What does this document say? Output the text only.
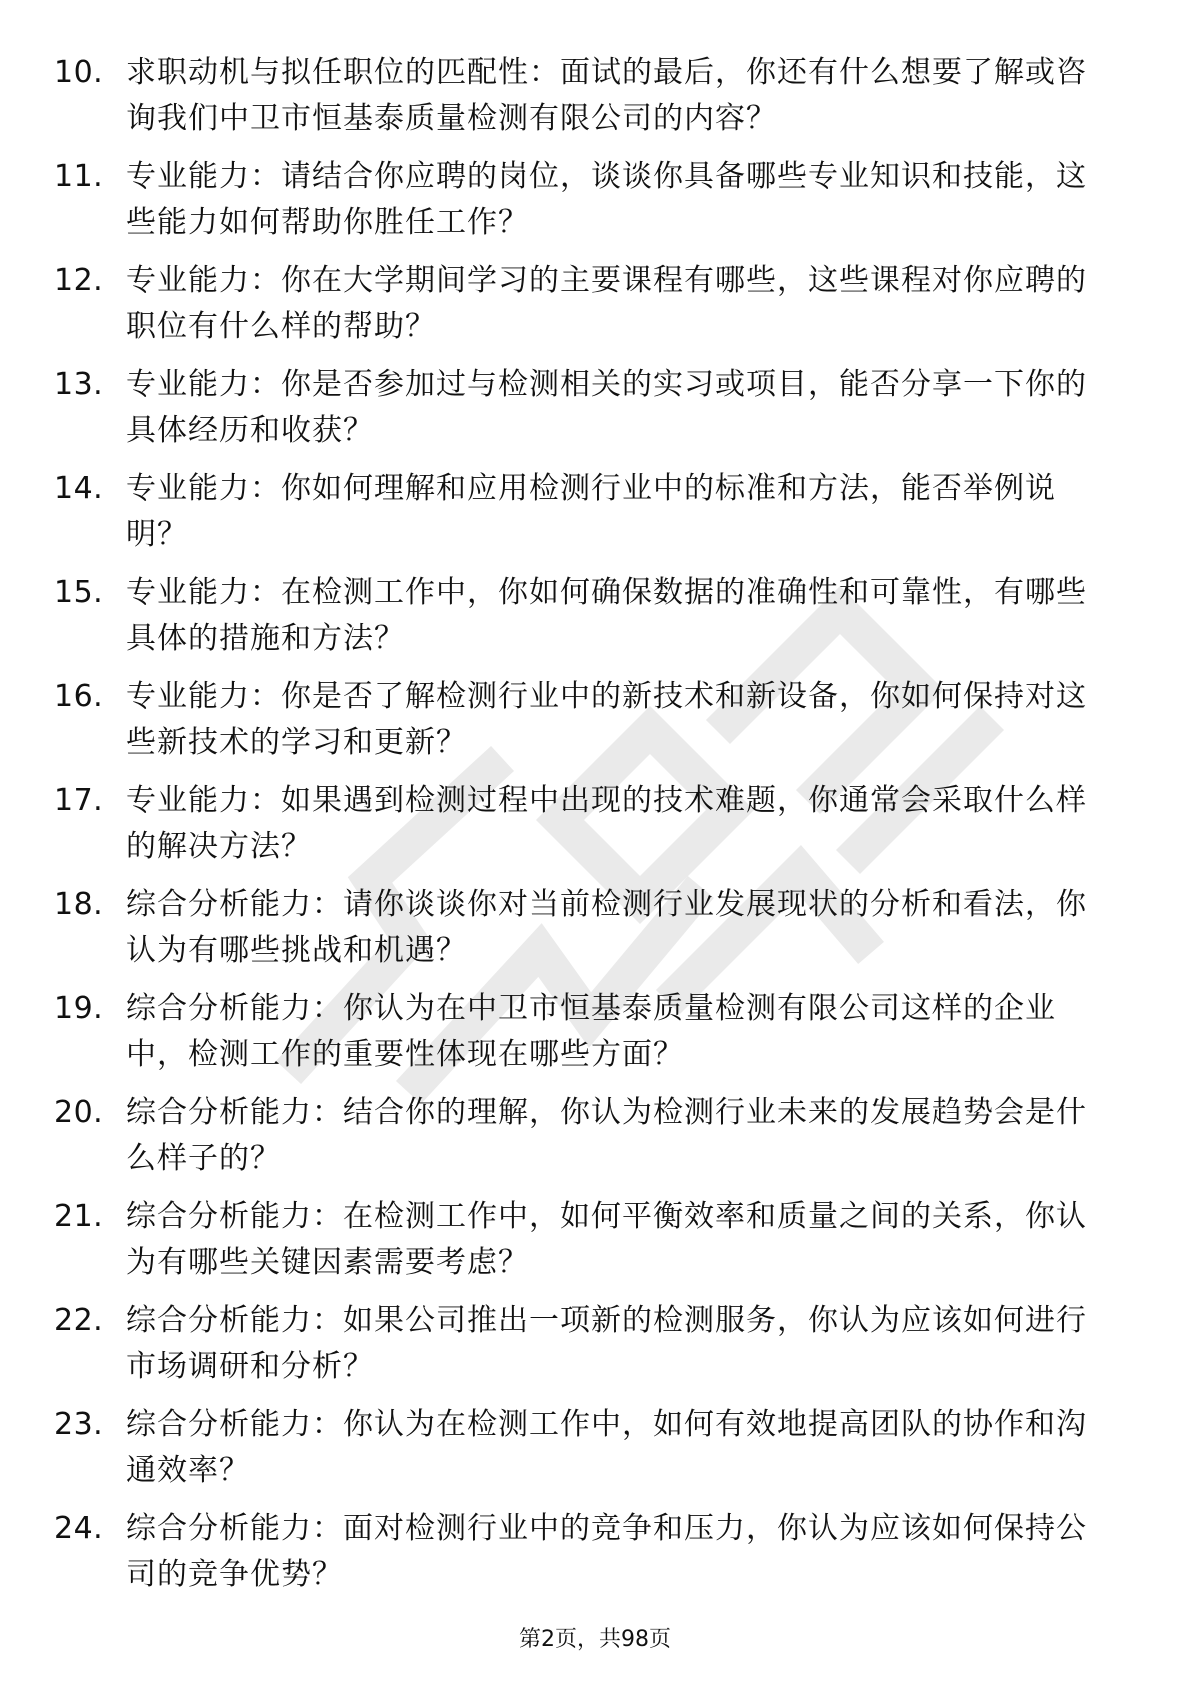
10. 求职动机与拟任职位的匹配性：面试的最后，你还有什么想要了解或咨询我们中卫市恒基泰质量检测有限公司的内容？
11. 专业能力：请结合你应聘的岗位，谈谈你具备哪些专业知识和技能，这些能力如何帮助你胜任工作？
12. 专业能力：你在大学期间学习的主要课程有哪些，这些课程对你应聘的职位有什么样的帮助？
13. 专业能力：你是否参加过与检测相关的实习或项目，能否分享一下你的具体经历和收获？
14. 专业能力：你如何理解和应用检测行业中的标准和方法，能否举例说明？
15. 专业能力：在检测工作中，你如何确保数据的准确性和可靠性，有哪些具体的措施和方法？
16. 专业能力：你是否了解检测行业中的新技术和新设备，你如何保持对这些新技术的学习和更新？
17. 专业能力：如果遇到检测过程中出现的技术难题，你通常会采取什么样的解决方法？
18. 综合分析能力：请你谈谈你对当前检测行业发展现状的分析和看法，你认为有哪些挑战和机遇？
19. 综合分析能力：你认为在中卫市恒基泰质量检测有限公司这样的企业中，检测工作的重要性体现在哪些方面？
20. 综合分析能力：结合你的理解，你认为检测行业未来的发展趋势会是什么样子的？
21. 综合分析能力：在检测工作中，如何平衡效率和质量之间的关系，你认为有哪些关键因素需要考虑？
22. 综合分析能力：如果公司推出一项新的检测服务，你认为应该如何进行市场调研和分析？
23. 综合分析能力：你认为在检测工作中，如何有效地提高团队的协作和沟通效率？
24. 综合分析能力：面对检测行业中的竞争和压力，你认为应该如何保持公司的竞争优势？
第2页，共98页
